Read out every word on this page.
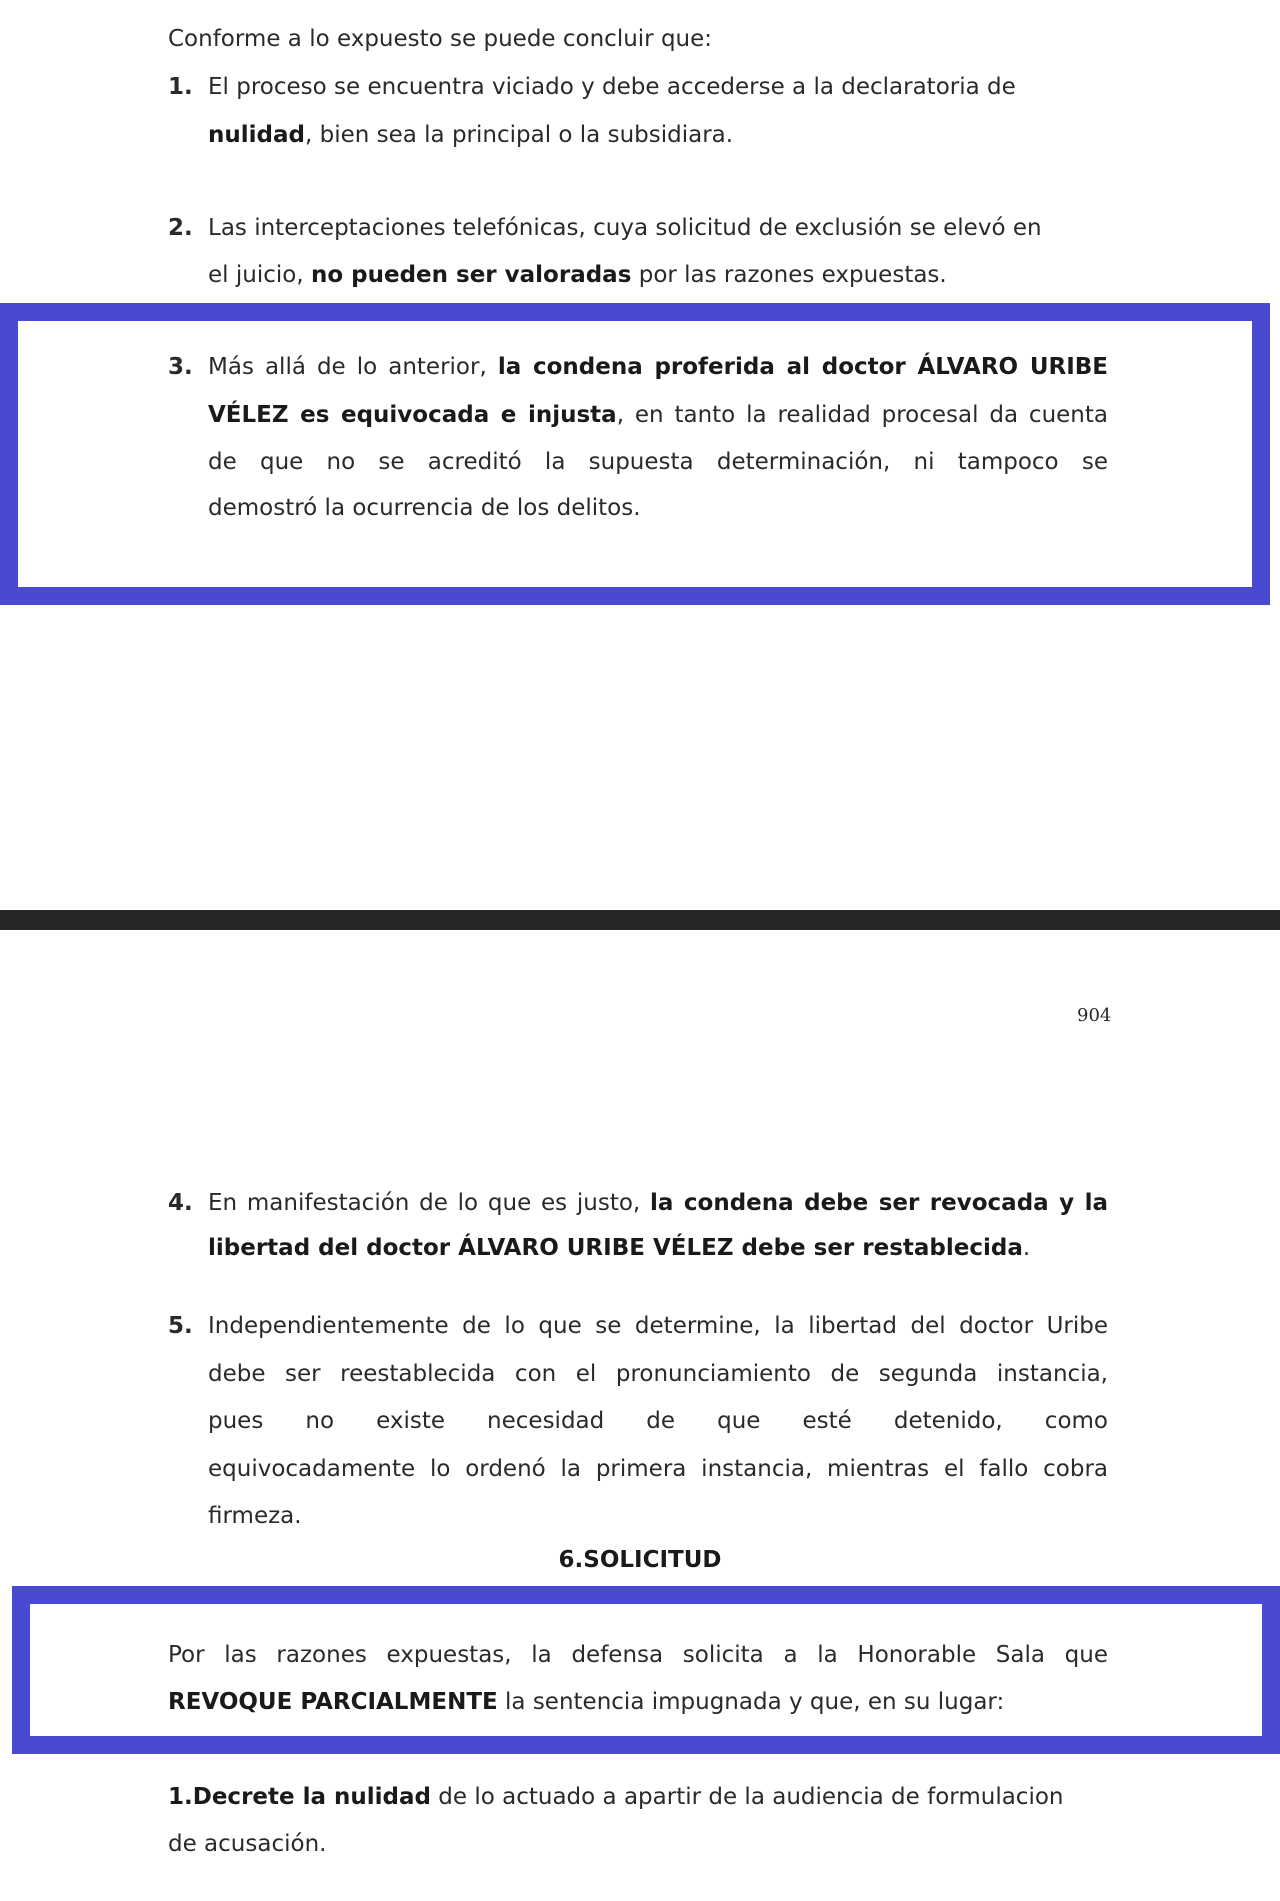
Conforme a lo expuesto se puede concluir que:
1. El proceso se encuentra viciado y debe accederse a la declaratoria de
nulidad, bien sea la principal o la subsidiara.
2. Las interceptaciones telefónicas, cuya solicitud de exclusión se elevó en
el juicio, no pueden ser valoradas por las razones expuestas.
3. Más allá de lo anterior, la condena proferida al doctor ÁLVARO URIBE
VÉLEZ es equivocada e injusta, en tanto la realidad procesal da cuenta
de que no se acreditó la supuesta determinación, ni tampoco se
demostró la ocurrencia de los delitos.
904
4. En manifestación de lo que es justo, la condena debe ser revocada y la
libertad del doctor ÁLVARO URIBE VÉLEZ debe ser restablecida.
5. Independientemente de lo que se determine, la libertad del doctor Uribe
debe ser reestablecida con el pronunciamiento de segunda instancia,
pues no existe necesidad de que esté detenido, como
equivocadamente lo ordenó la primera instancia, mientras el fallo cobra
firmeza.
6.SOLICITUD
Por las razones expuestas, la defensa solicita a la Honorable Sala que
REVOQUE PARCIALMENTE la sentencia impugnada y que, en su lugar:
1.Decrete la nulidad de lo actuado a apartir de la audiencia de formulacion
de acusación.
